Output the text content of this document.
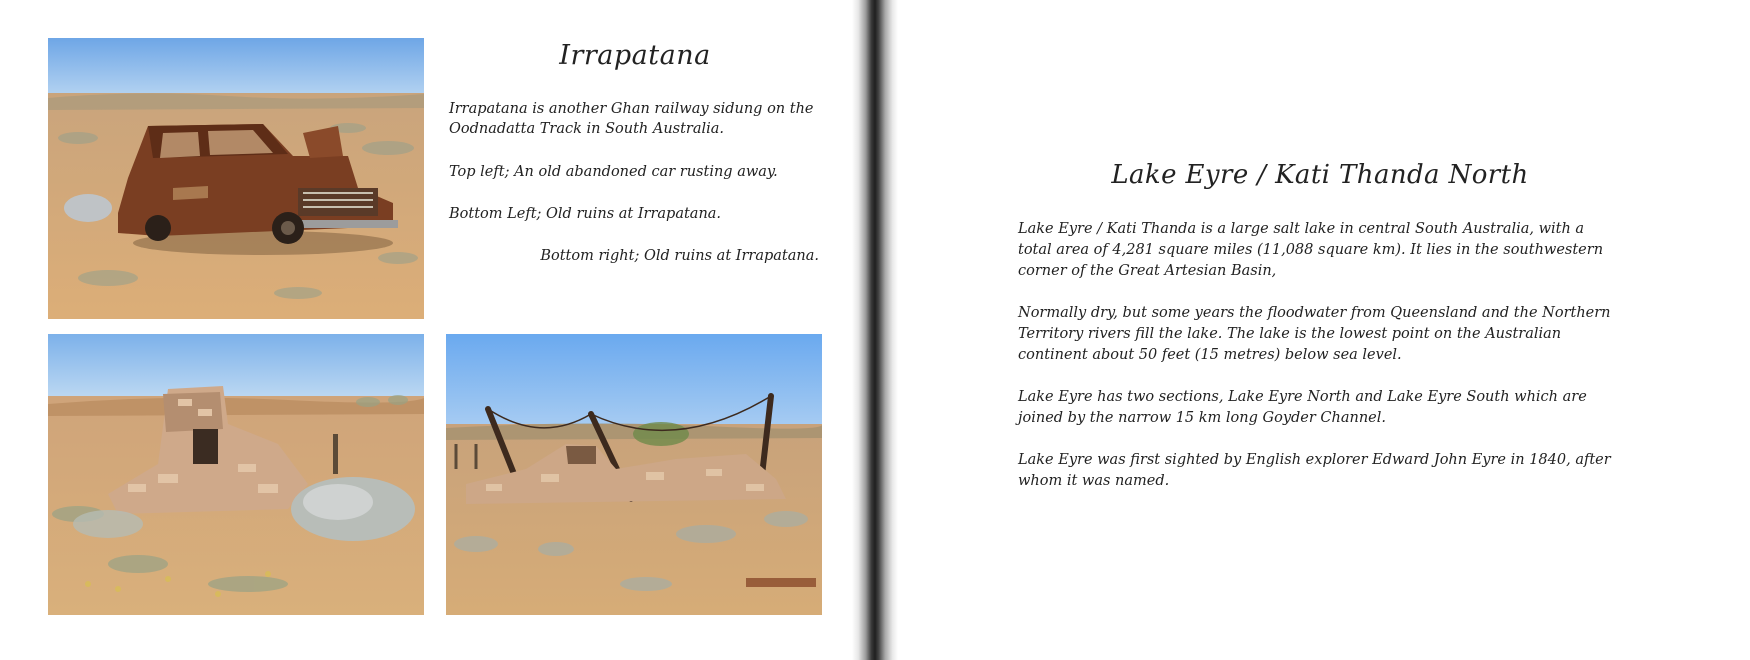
Irrapatana
Irrapatana is another Ghan railway sidung on the Oodnadatta Track in South Australia.
Top left; An old abandoned car rusting away.
Bottom Left; Old ruins at Irrapatana.
Bottom right; Old ruins at Irrapatana.
Lake Eyre / Kati Thanda North
Lake Eyre / Kati Thanda is a large salt lake in central South Australia, with a total area of 4,281 square miles (11,088 square km). It lies in the southwestern corner of the Great Artesian Basin,
Normally dry, but some years the floodwater from Queensland and the Northern Territory rivers fill the lake. The lake is the lowest point on the Australian continent about 50 feet (15 metres) below sea level.
Lake Eyre has two sections, Lake Eyre North and Lake Eyre South which are joined by the narrow 15 km long Goyder Channel.
Lake Eyre was first sighted by English explorer Edward John Eyre in 1840, after whom it was named.
